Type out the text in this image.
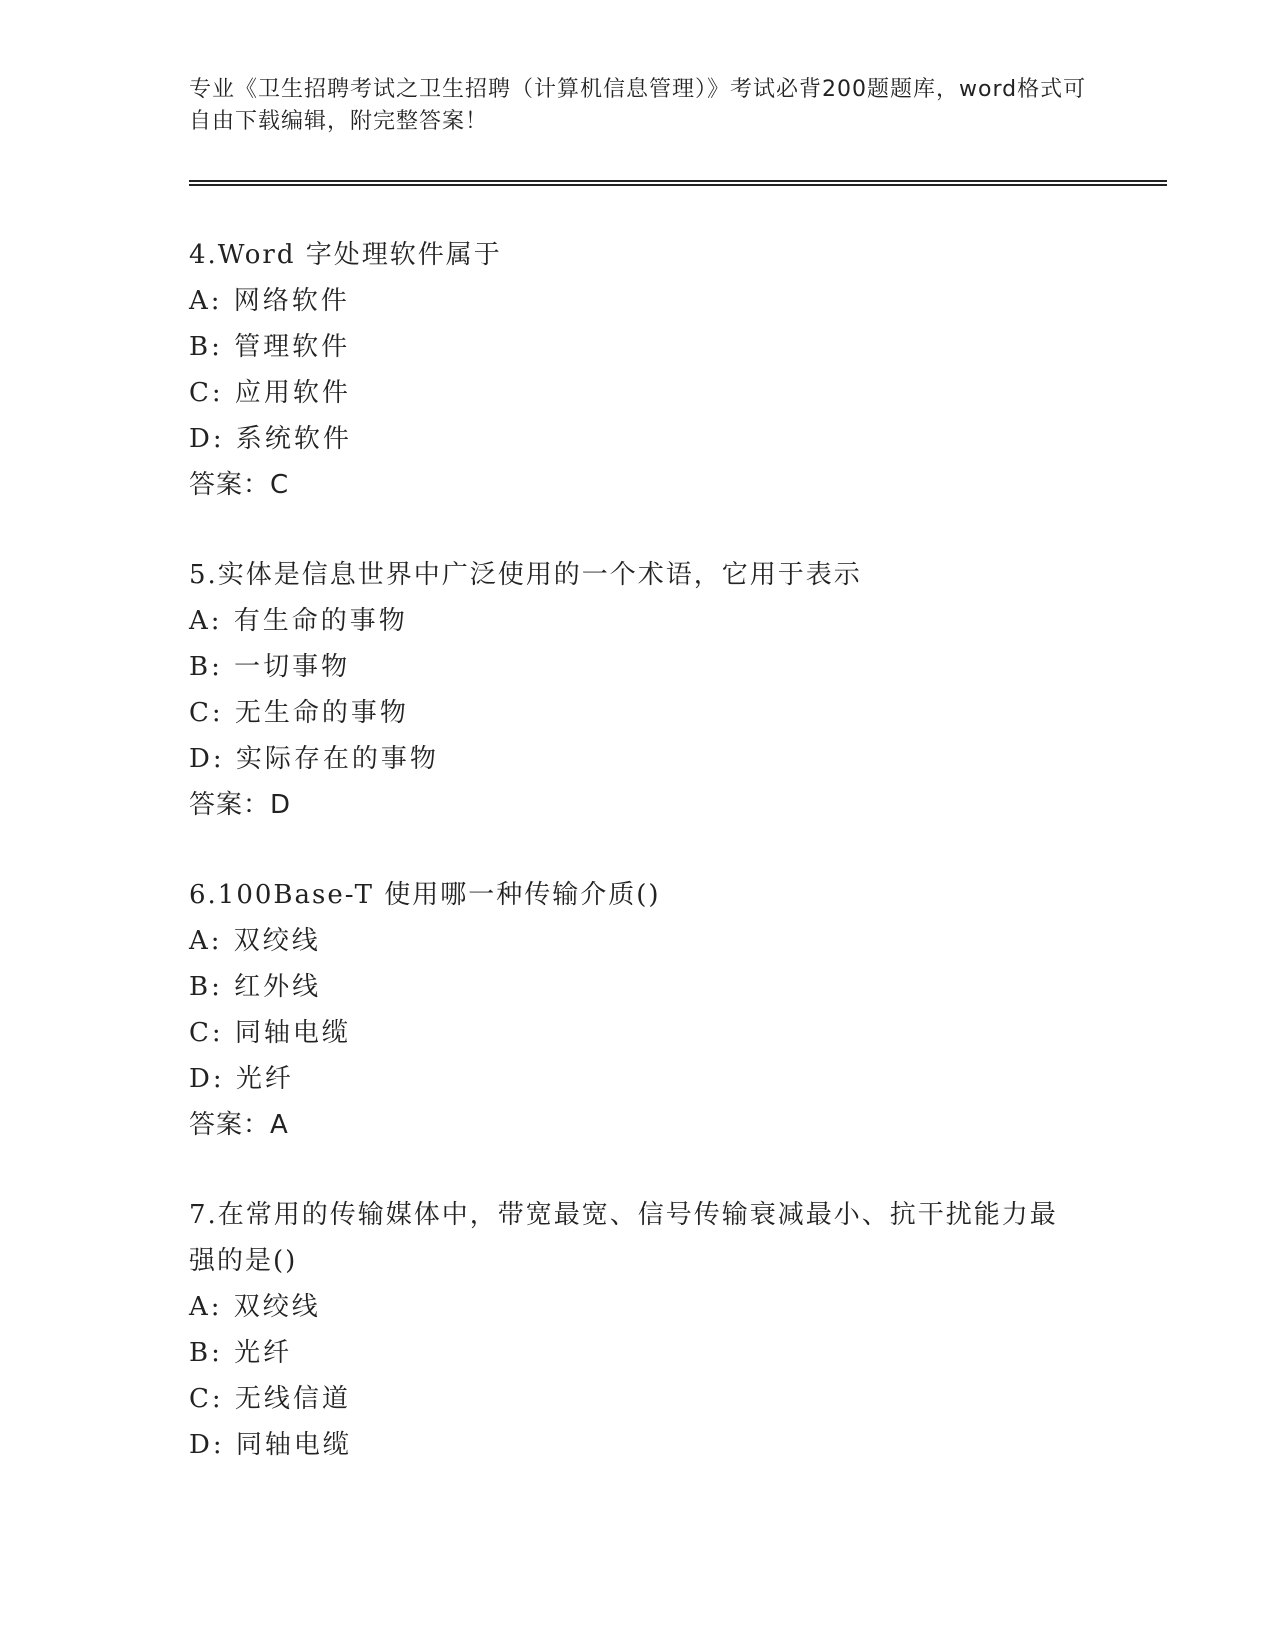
专业《卫生招聘考试之卫生招聘（计算机信息管理）》考试必背200题题库，word格式可自由下载编辑，附完整答案！

4.Word 字处理软件属于

A: 网络软件

B: 管理软件

C: 应用软件

D: 系统软件

答案：C

5.实体是信息世界中广泛使用的一个术语，它用于表示

A: 有生命的事物

B: 一切事物

C: 无生命的事物

D: 实际存在的事物

答案：D

6.100Base-T 使用哪一种传输介质()

A: 双绞线

B: 红外线

C: 同轴电缆

D: 光纤

答案：A

7.在常用的传输媒体中，带宽最宽、信号传输衰减最小、抗干扰能力最强的是()

A: 双绞线

B: 光纤

C: 无线信道

D: 同轴电缆
